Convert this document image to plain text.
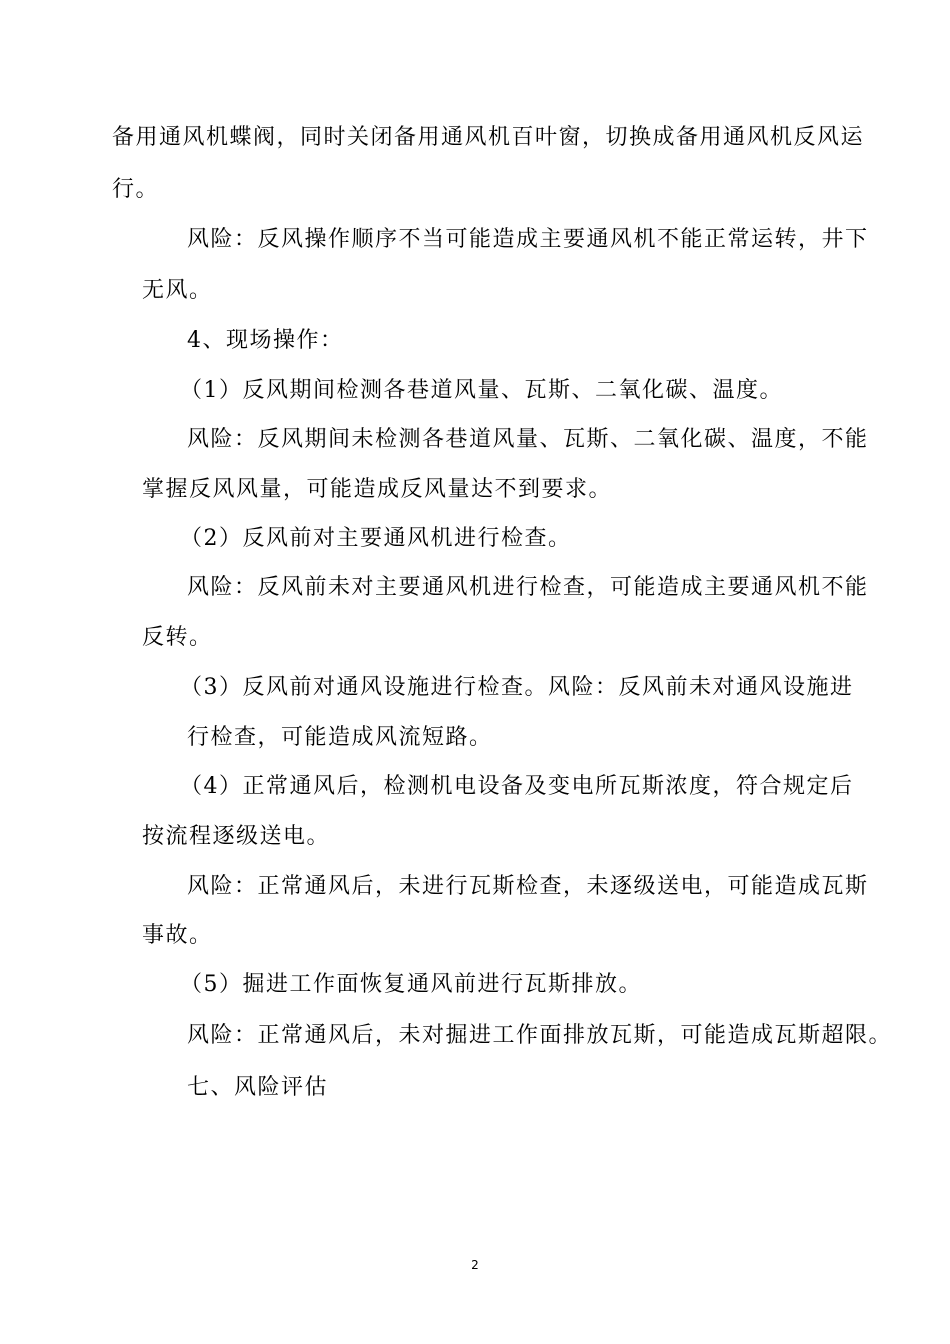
备用通风机蝶阀，同时关闭备用通风机百叶窗，切换成备用通风机反风运
行。
风险：反风操作顺序不当可能造成主要通风机不能正常运转，井下
无风。
4、现场操作：
（1）反风期间检测各巷道风量、瓦斯、二氧化碳、温度。
风险：反风期间未检测各巷道风量、瓦斯、二氧化碳、温度，不能
掌握反风风量，可能造成反风量达不到要求。
（2）反风前对主要通风机进行检查。
风险：反风前未对主要通风机进行检查，可能造成主要通风机不能
反转。
（3）反风前对通风设施进行检查。风险：反风前未对通风设施进
行检查，可能造成风流短路。
（4）正常通风后，检测机电设备及变电所瓦斯浓度，符合规定后
按流程逐级送电。
风险：正常通风后，未进行瓦斯检查，未逐级送电，可能造成瓦斯
事故。
（5）掘进工作面恢复通风前进行瓦斯排放。
风险：正常通风后，未对掘进工作面排放瓦斯，可能造成瓦斯超限。
七、风险评估
2
